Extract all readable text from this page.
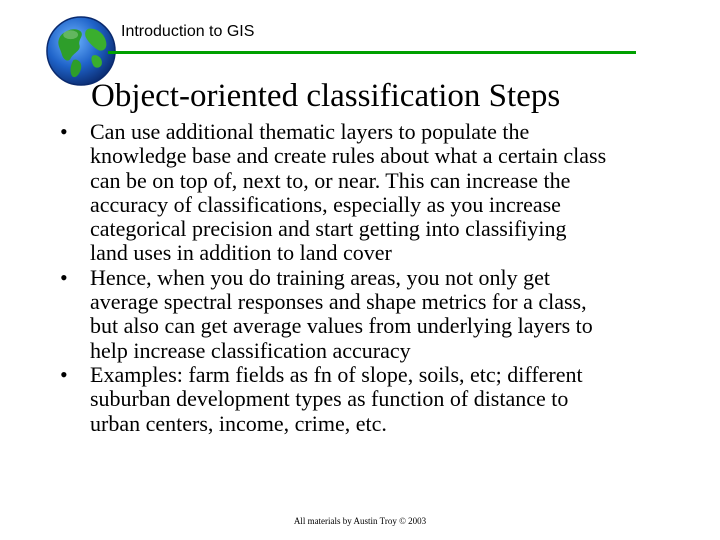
Introduction to GIS
Object-oriented classification Steps
• Can use additional thematic layers to populate the
knowledge base and create rules about what a certain class
can be on top of, next to, or near. This can increase the
accuracy of classifications, especially as you increase
categorical precision and start getting into classifiying
land uses in addition to land cover
• Hence, when you do training areas, you not only get
average spectral responses and shape metrics for a class,
but also can get average values from underlying layers to
help increase classification accuracy
• Examples: farm fields as fn of slope, soils, etc; different
suburban development types as function of distance to
urban centers, income, crime, etc.
All materials by Austin Troy © 2003
